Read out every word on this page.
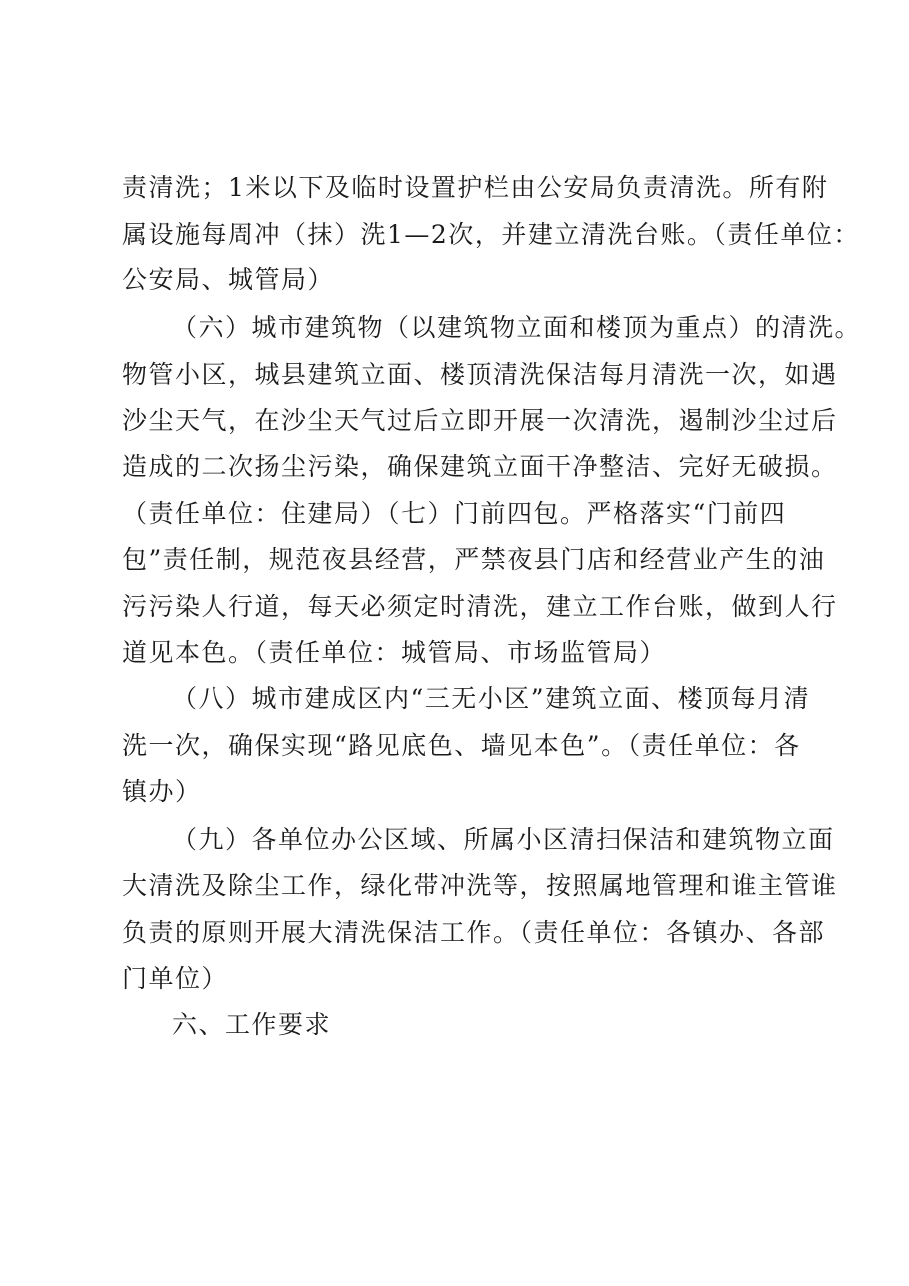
责清洗；1米以下及临时设置护栏由公安局负责清洗。所有附
属设施每周冲（抹）洗1—2次，并建立清洗台账。（责任单位：
公安局、城管局）
（六）城市建筑物（以建筑物立面和楼顶为重点）的清洗。
物管小区，城县建筑立面、楼顶清洗保洁每月清洗一次，如遇
沙尘天气，在沙尘天气过后立即开展一次清洗，遏制沙尘过后
造成的二次扬尘污染，确保建筑立面干净整洁、完好无破损。
（责任单位：住建局）（七）门前四包。严格落实“门前四
包”责任制，规范夜县经营，严禁夜县门店和经营业产生的油
污污染人行道，每天必须定时清洗，建立工作台账，做到人行
道见本色。（责任单位：城管局、市场监管局）
（八）城市建成区内“三无小区”建筑立面、楼顶每月清
洗一次，确保实现“路见底色、墙见本色”。（责任单位：各
镇办）
（九）各单位办公区域、所属小区清扫保洁和建筑物立面
大清洗及除尘工作，绿化带冲洗等，按照属地管理和谁主管谁
负责的原则开展大清洗保洁工作。（责任单位：各镇办、各部
门单位）
六、工作要求
